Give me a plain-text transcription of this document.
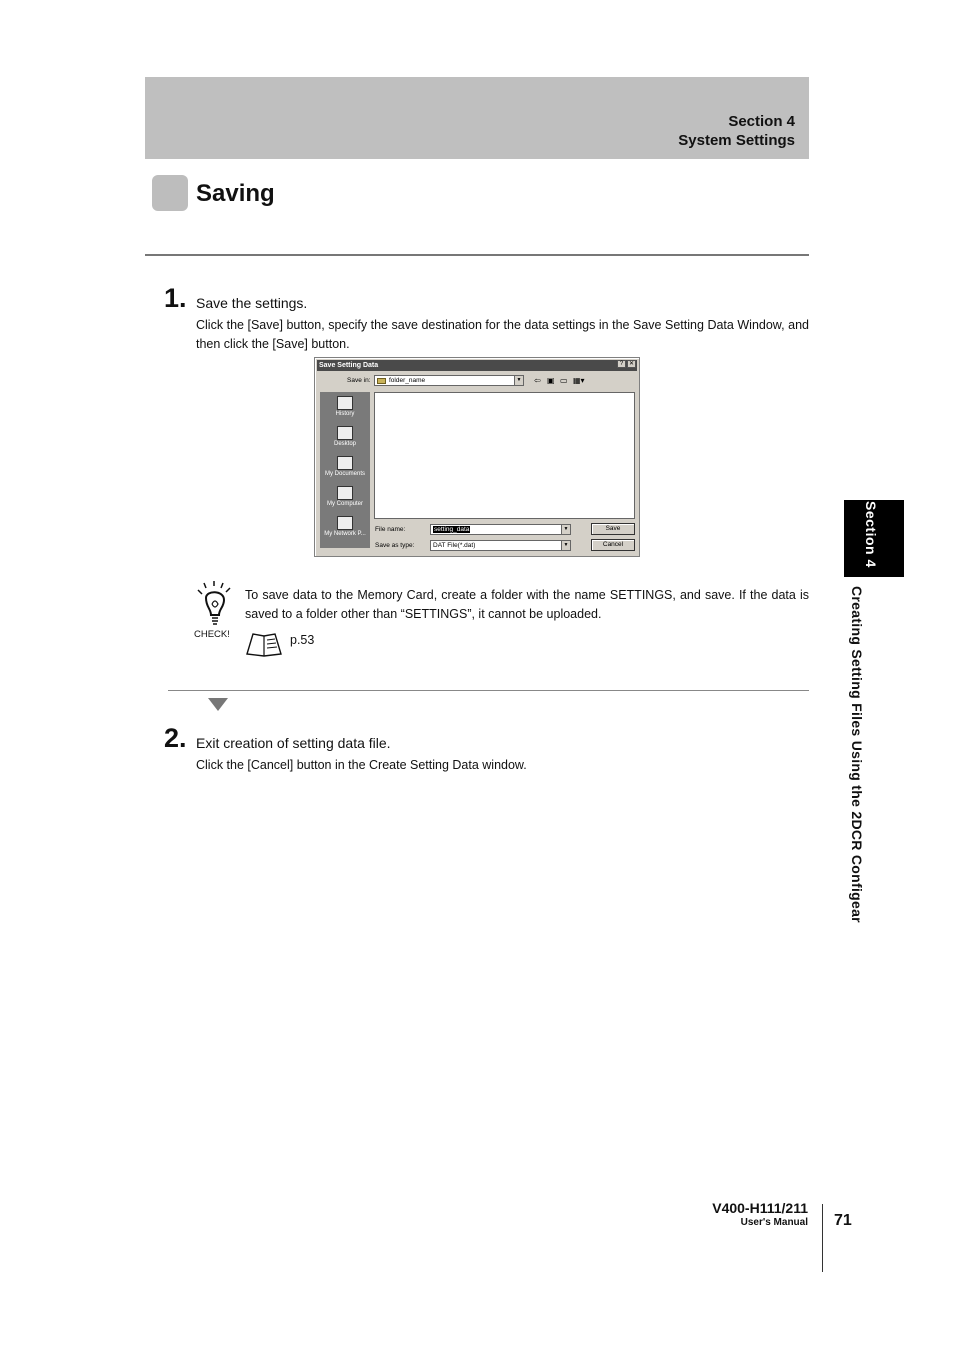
Section 4
System Settings
Saving
1. Save the settings.
Click the [Save] button, specify the save destination for the data settings in the Save Setting Data Window, and then click the [Save] button.
Save Setting Data	? ✕
Save in:	folder_name	▼ ⇦ ▣ ▭ ▦▾
History
Desktop
My Documents
My Computer
My Network P...
File name:	setting_data	▼
Save as type:	DAT File(*.dat)	▼
Save
Cancel
CHECK!
To save data to the Memory Card, create a folder with the name SETTINGS, and save. If the data is saved to a folder other than “SETTINGS”, it cannot be uploaded.
p.53
2. Exit creation of setting data file.
Click the [Cancel] button in the Create Setting Data window.
Section 4
Creating Setting Files Using the 2DCR Configear
V400-H111/211
User's Manual 71
